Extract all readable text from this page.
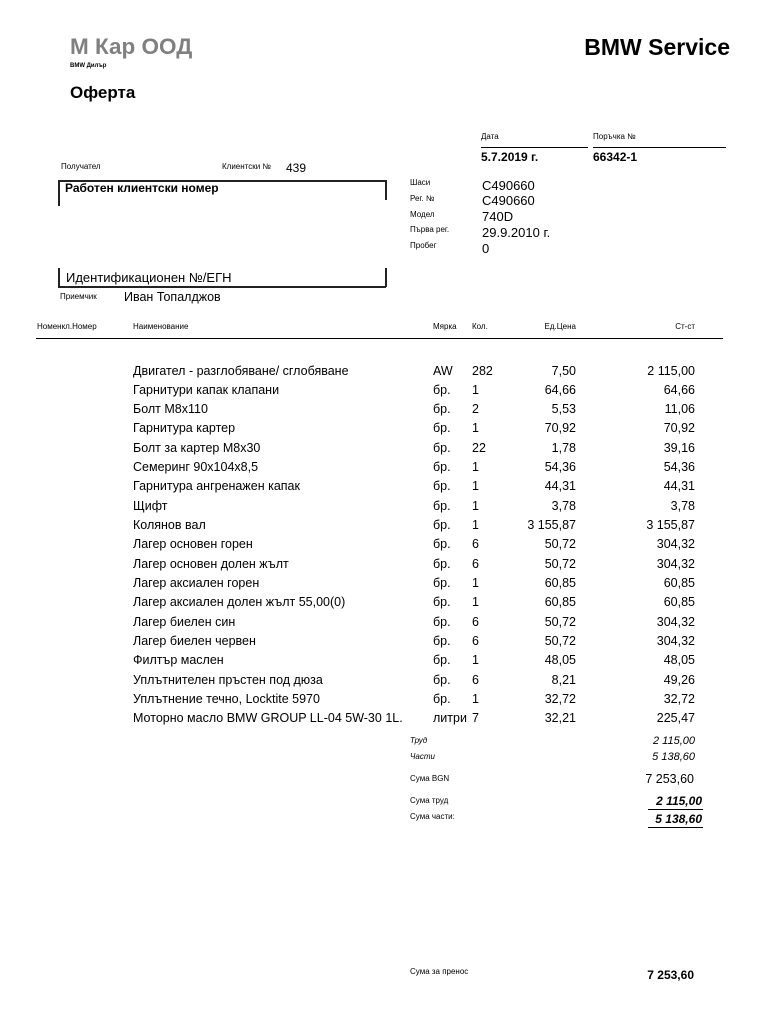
М Кар ООД
BMW Дилър
BMW Service
Оферта
Дата	Поръчка №
5.7.2019 г.	66342-1
Получател	Клиентски № 439
Работен клиентски номер
Идентификационен №/ЕГН
Приемчик Иван Топалджов
Шаси	C490660
Рег. №	C490660
Модел	740D
Първа рег.	29.9.2010 г.
Пробег	0
Номенкл.Номер	Наименование	Мярка Кол.	Ед.Цена	Ст-ст
Двигател - разглобяване/ сглобяване	AW 282	7,50	2 115,00
Гарнитури капак клапани	бр. 1	64,66	64,66
Болт M8x110	бр. 2	5,53	11,06
Гарнитура картер	бр. 1	70,92	70,92
Болт за картер M8x30	бр. 22	1,78	39,16
Семеринг 90x104x8,5	бр. 1	54,36	54,36
Гарнитура ангренажен капак	бр. 1	44,31	44,31
Щифт	бр. 1	3,78	3,78
Колянов вал	бр. 1	3 155,87	3 155,87
Лагер основен горен	бр. 6	50,72	304,32
Лагер основен долен жълт	бр. 6	50,72	304,32
Лагер аксиален горен	бр. 1	60,85	60,85
Лагер аксиален долен жълт 55,00(0)	бр. 1	60,85	60,85
Лагер биелен син	бр. 6	50,72	304,32
Лагер биелен червен	бр. 6	50,72	304,32
Филтър маслен	бр. 1	48,05	48,05
Уплътнителен пръстен под дюза	бр. 6	8,21	49,26
Уплътнение течно, Locktite 5970	бр. 1	32,72	32,72
Моторно масло BMW GROUP LL-04 5W-30 1L. литри 7	32,21	225,47
Труд	2 115,00
Части	5 138,60
Сума BGN	7 253,60
Сума труд	2 115,00
Сума части:	5 138,60
Сума за пренос	7 253,60
